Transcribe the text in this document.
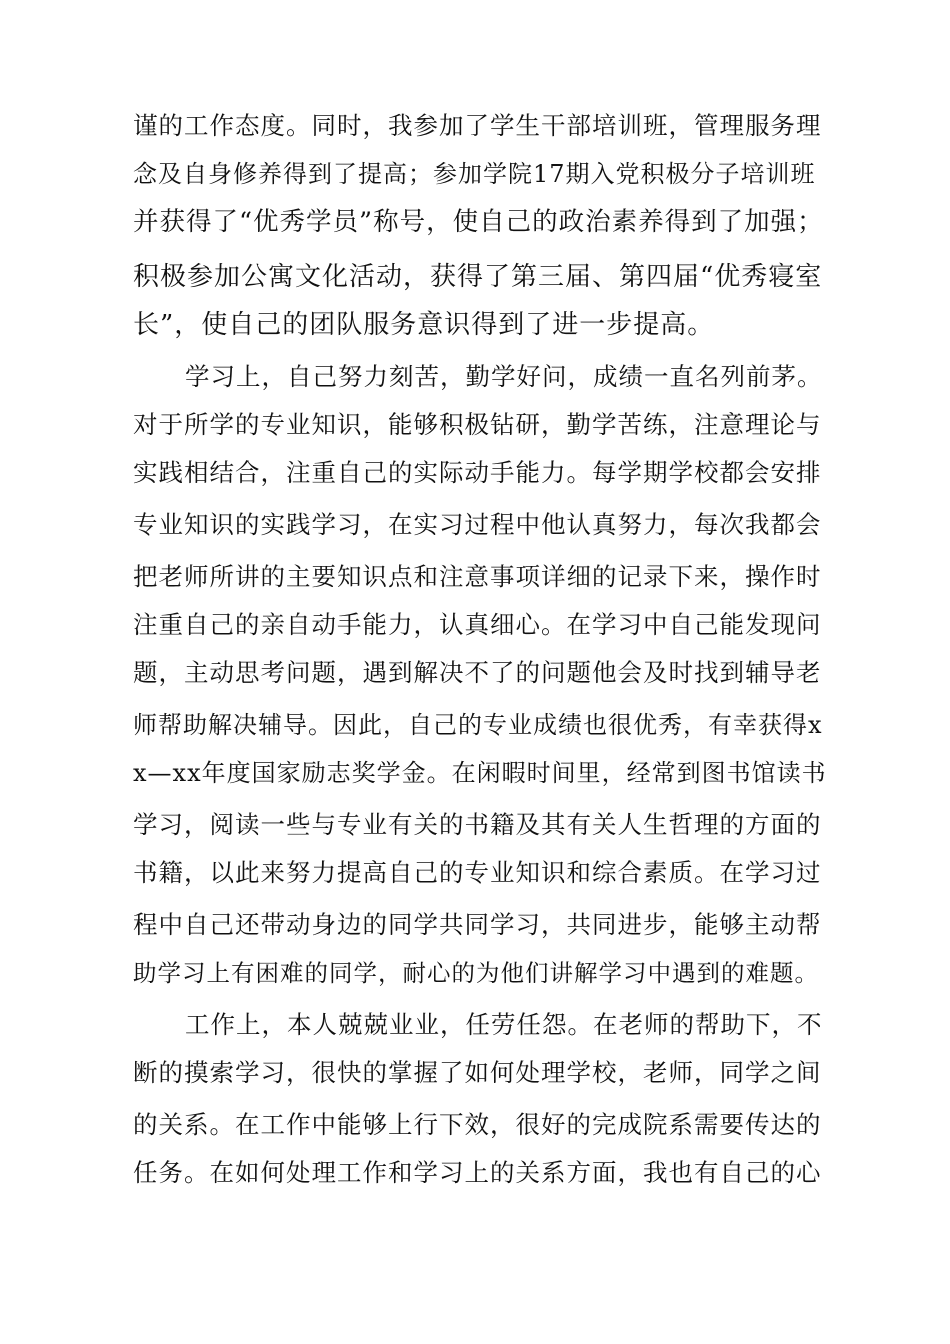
谨的工作态度。同时，我参加了学生干部培训班，管理服务理
念及自身修养得到了提高；参加学院17期入党积极分子培训班
并获得了“优秀学员”称号，使自己的政治素养得到了加强；
积极参加公寓文化活动，获得了第三届、第四届“优秀寝室
长”，使自己的团队服务意识得到了进一步提高。
学习上，自己努力刻苦，勤学好问，成绩一直名列前茅。
对于所学的专业知识，能够积极钻研，勤学苦练，注意理论与
实践相结合，注重自己的实际动手能力。每学期学校都会安排
专业知识的实践学习，在实习过程中他认真努力，每次我都会
把老师所讲的主要知识点和注意事项详细的记录下来，操作时
注重自己的亲自动手能力，认真细心。在学习中自己能发现问
题，主动思考问题，遇到解决不了的问题他会及时找到辅导老
师帮助解决辅导。因此，自己的专业成绩也很优秀，有幸获得x
x—xx年度国家励志奖学金。在闲暇时间里，经常到图书馆读书
学习，阅读一些与专业有关的书籍及其有关人生哲理的方面的
书籍，以此来努力提高自己的专业知识和综合素质。在学习过
程中自己还带动身边的同学共同学习，共同进步，能够主动帮
助学习上有困难的同学，耐心的为他们讲解学习中遇到的难题。
工作上，本人兢兢业业，任劳任怨。在老师的帮助下，不
断的摸索学习，很快的掌握了如何处理学校，老师，同学之间
的关系。在工作中能够上行下效，很好的完成院系需要传达的
任务。在如何处理工作和学习上的关系方面，我也有自己的心
